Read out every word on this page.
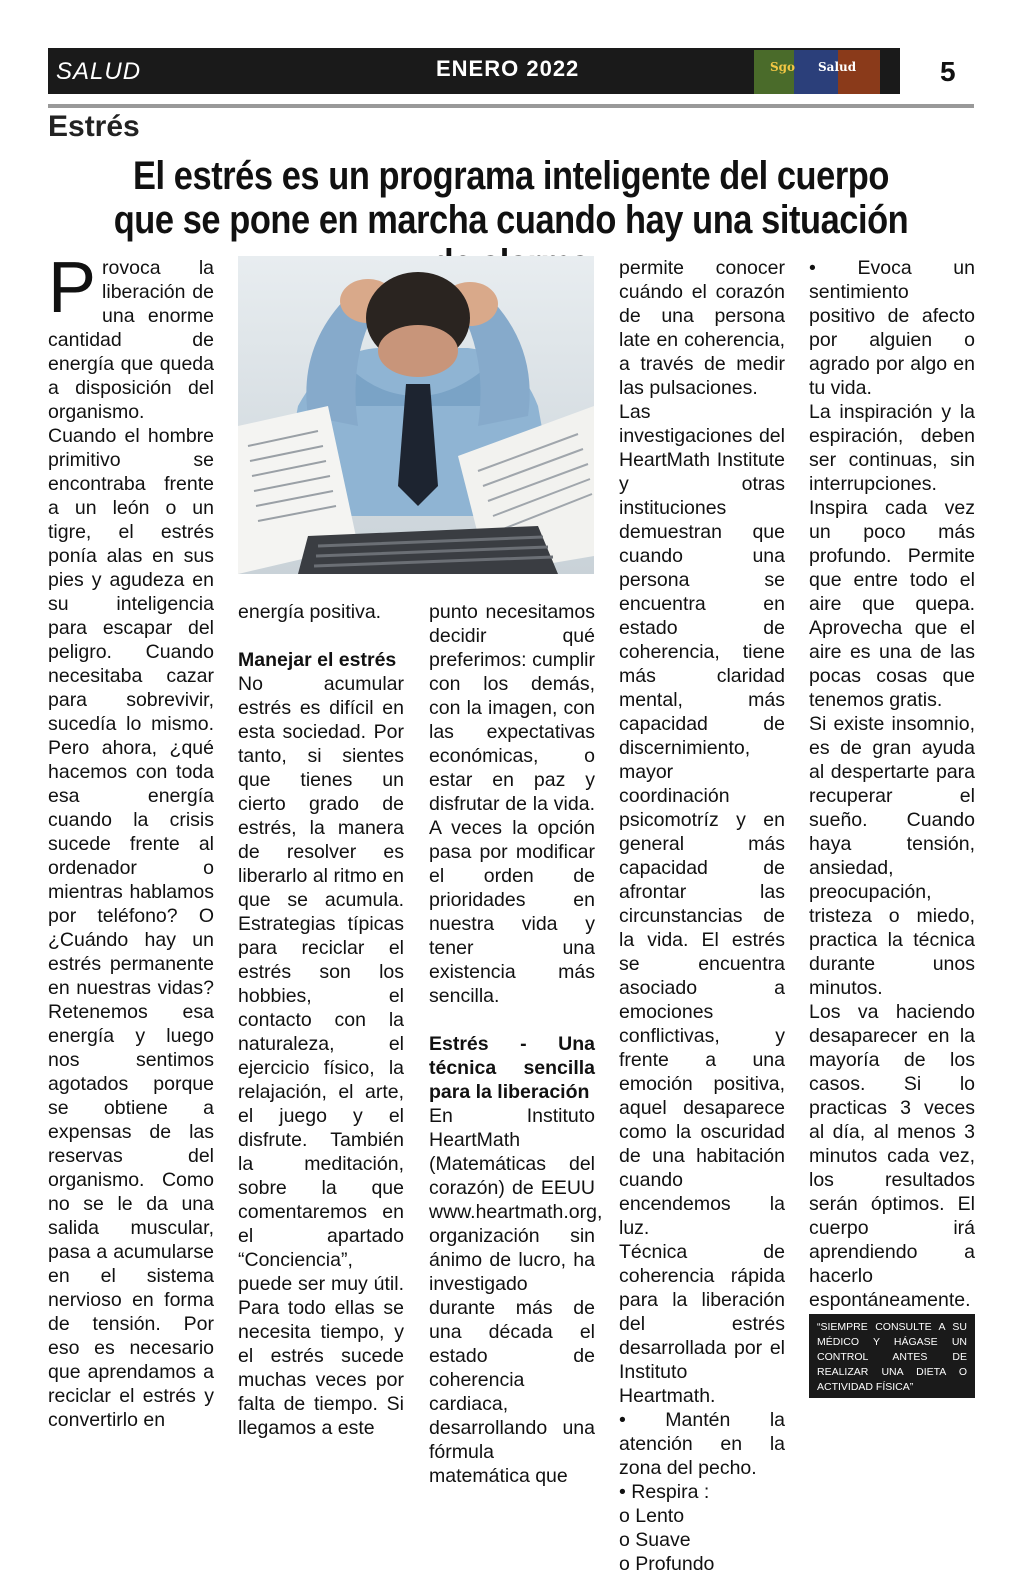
SALUD	ENERO 2022	Sgo Salud	5
Estrés
El estrés es un programa inteligente del cuerpo que se pone en marcha cuando hay una situación
P rovoca la liberación de una enorme cantidad de energía que queda a disposición del organismo.

Cuando el hombre primitivo se encontraba frente a un león o un tigre, el estrés ponía alas en sus pies y agudeza en su inteligencia para escapar del peligro. Cuando necesitaba cazar para sobrevivir, sucedía lo mismo. Pero ahora, ¿qué hacemos con toda esa energía cuando la crisis sucede frente al ordenador o mientras hablamos por teléfono? O ¿Cuándo hay un estrés permanente en nuestras vidas? Retenemos esa energía y luego nos sentimos agotados porque se obtiene a expensas de las reservas del organismo. Como no se le da una salida muscular, pasa a acumularse en el sistema nervioso en forma de tensión. Por eso es necesario que aprendamos a reciclar el estrés y convertirlo en

energía positiva.

Manejar el estrés

No acumular estrés es difícil en esta sociedad. Por tanto, si sientes que tienes un cierto grado de estrés, la manera de resolver es liberarlo al ritmo en que se acumula. Estrategias típicas para reciclar el estrés son los hobbies, el contacto con la naturaleza, el ejercicio físico, la relajación, el arte, el juego y el disfrute. También la meditación, sobre la que comentaremos en el apartado “Conciencia”, puede ser muy útil. Para todo ellas se necesita tiempo, y el estrés sucede muchas veces por falta de tiempo. Si llegamos a este

punto necesitamos decidir qué preferimos: cumplir con los demás, con la imagen, con las expectativas económicas, o estar en paz y disfrutar de la vida. A veces la opción pasa por modificar el orden de prioridades en nuestra vida y tener una existencia más sencilla.

Estrés - Una técnica sencilla para la liberación

En Instituto HeartMath (Matemáticas del corazón) de EEUU www.heartmath.org, organización sin ánimo de lucro, ha investigado durante más de una década el estado de coherencia cardiaca, desarrollando una fórmula matemática que

permite conocer cuándo el corazón de una persona late en coherencia, a través de medir las pulsaciones.

Las investigaciones del HeartMath Institute y otras instituciones demuestran que cuando una persona se encuentra en estado de coherencia, tiene más claridad mental, más capacidad de discernimiento, mayor coordinación psicomotríz y en general más capacidad de afrontar las circunstancias de la vida. El estrés se encuentra asociado a emociones conflictivas, y frente a una emoción positiva, aquel desaparece como la oscuridad de una habitación cuando encendemos la luz.

Técnica de coherencia rápida para la liberación del estrés desarrollada por el Instituto Heartmath.

• Mantén la atención en la zona del pecho.

• Respira :

o Lento

o Suave

o Profundo

• Evoca un sentimiento positivo de afecto por alguien o agrado por algo en tu vida.

La inspiración y la espiración, deben ser continuas, sin interrupciones. Inspira cada vez un poco más profundo. Permite que entre todo el aire que quepa. Aprovecha que el aire es una de las pocas cosas que tenemos gratis.

Si existe insomnio, es de gran ayuda al despertarte para recuperar el sueño. Cuando haya tensión, ansiedad, preocupación, tristeza o miedo, practica la técnica durante unos minutos.

Los va haciendo desaparecer en la mayoría de los casos. Si lo practicas 3 veces al día, al menos 3 minutos cada vez, los resultados serán óptimos. El cuerpo irá aprendiendo a hacerlo espontáneamente.

“SIEMPRE CONSULTE A SU MÉDICO Y HÁGASE UN CONTROL ANTES DE REALIZAR UNA DIETA O ACTIVIDAD FÍSICA”
